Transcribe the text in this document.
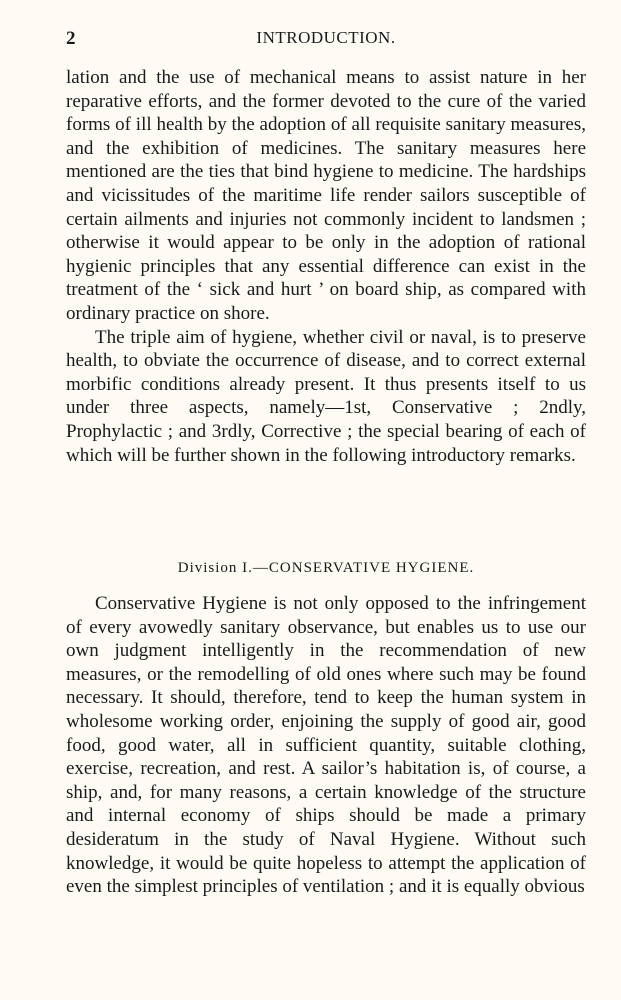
2	INTRODUCTION.

lation and the use of mechanical means to assist nature in her reparative efforts, and the former devoted to the cure of the varied forms of ill health by the adoption of all requisite sanitary measures, and the exhibition of medicines. The sanitary measures here mentioned are the ties that bind hygiene to medicine. The hardships and vicissitudes of the maritime life render sailors susceptible of certain ailments and injuries not commonly incident to landsmen ; otherwise it would appear to be only in the adoption of rational hygienic principles that any essential difference can exist in the treatment of the ‘ sick and hurt ’ on board ship, as compared with ordinary practice on shore.

The triple aim of hygiene, whether civil or naval, is to preserve health, to obviate the occurrence of disease, and to correct external morbific conditions already present. It thus presents itself to us under three aspects, namely—1st, Conservative ; 2ndly, Prophylactic ; and 3rdly, Corrective ; the special bearing of each of which will be further shown in the following introductory remarks.

Division I.—CONSERVATIVE HYGIENE.

Conservative Hygiene is not only opposed to the infringement of every avowedly sanitary observance, but enables us to use our own judgment intelligently in the recommendation of new measures, or the remodelling of old ones where such may be found necessary. It should, therefore, tend to keep the human system in wholesome working order, enjoining the supply of good air, good food, good water, all in sufficient quantity, suitable clothing, exercise, recreation, and rest. A sailor’s habitation is, of course, a ship, and, for many reasons, a certain knowledge of the structure and internal economy of ships should be made a primary desideratum in the study of Naval Hygiene. Without such knowledge, it would be quite hopeless to attempt the application of even the simplest principles of ventilation ; and it is equally obvious
